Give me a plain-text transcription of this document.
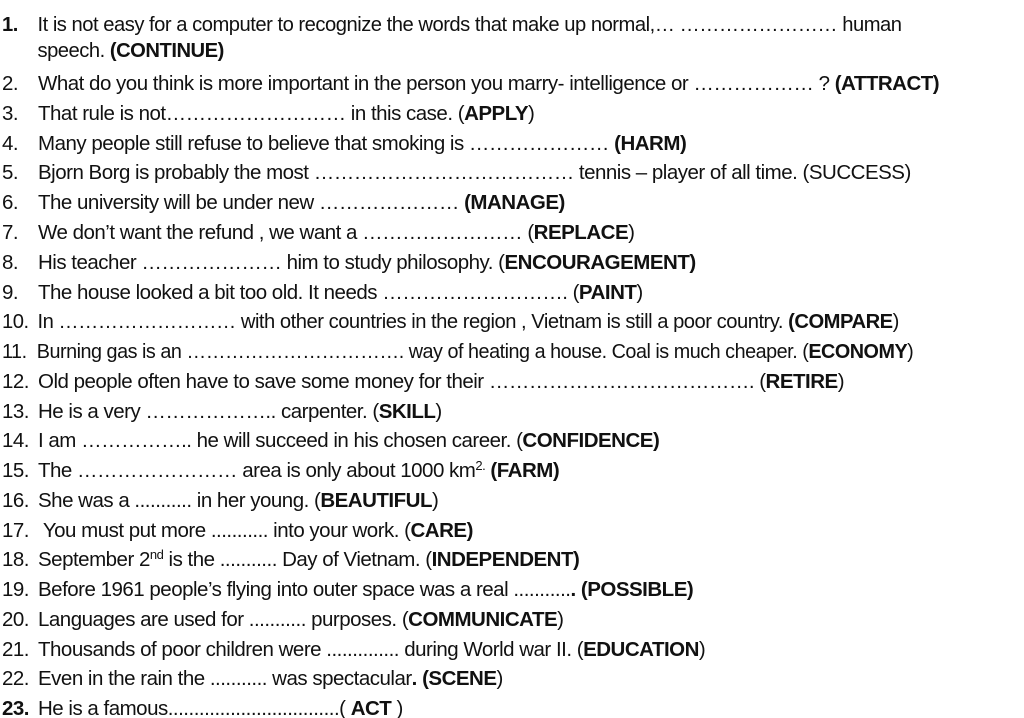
1. It is not easy for a computer to recognize the words that make up normal,… …………………… human
speech. (CONTINUE)
2. What do you think is more important in the person you marry- intelligence or ……………… ? (ATTRACT)
3. That rule is not……………………… in this case. (APPLY)
4. Many people still refuse to believe that smoking is ………………… (HARM)
5. Bjorn Borg is probably the most ………………………………… tennis – player of all time. (SUCCESS)
6. The university will be under new ………………… (MANAGE)
7. We don’t want the refund , we want a …………………… (REPLACE)
8. His teacher ………………… him to study philosophy. (ENCOURAGEMENT)
9. The house looked a bit too old. It needs ………………………. (PAINT)
10. In ……………………… with other countries in the region , Vietnam is still a poor country. (COMPARE)
11. Burning gas is an ……………………………. way of heating a house. Coal is much cheaper. (ECONOMY)
12. Old people often have to save some money for their …………………………………. (RETIRE)
13. He is a very ……………….. carpenter. (SKILL)
14. I am …………….. he will succeed in his chosen career. (CONFIDENCE)
15. The …………………… area is only about 1000 $km^{2.}$ (FARM)
16. She was a ........... in her young. (BEAUTIFUL)
17. You must put more ........... into your work. (CARE)
18. September 2nd is the ........... Day of Vietnam. (INDEPENDENT)
19. Before 1961 people’s flying into outer space was a real ............ (POSSIBLE)
20. Languages are used for ........... purposes. (COMMUNICATE)
21. Thousands of poor children were .............. during World war II. (EDUCATION)
22. Even in the rain the ........... was spectacular. (SCENE)
23. He is a famous.................................( ACT )
